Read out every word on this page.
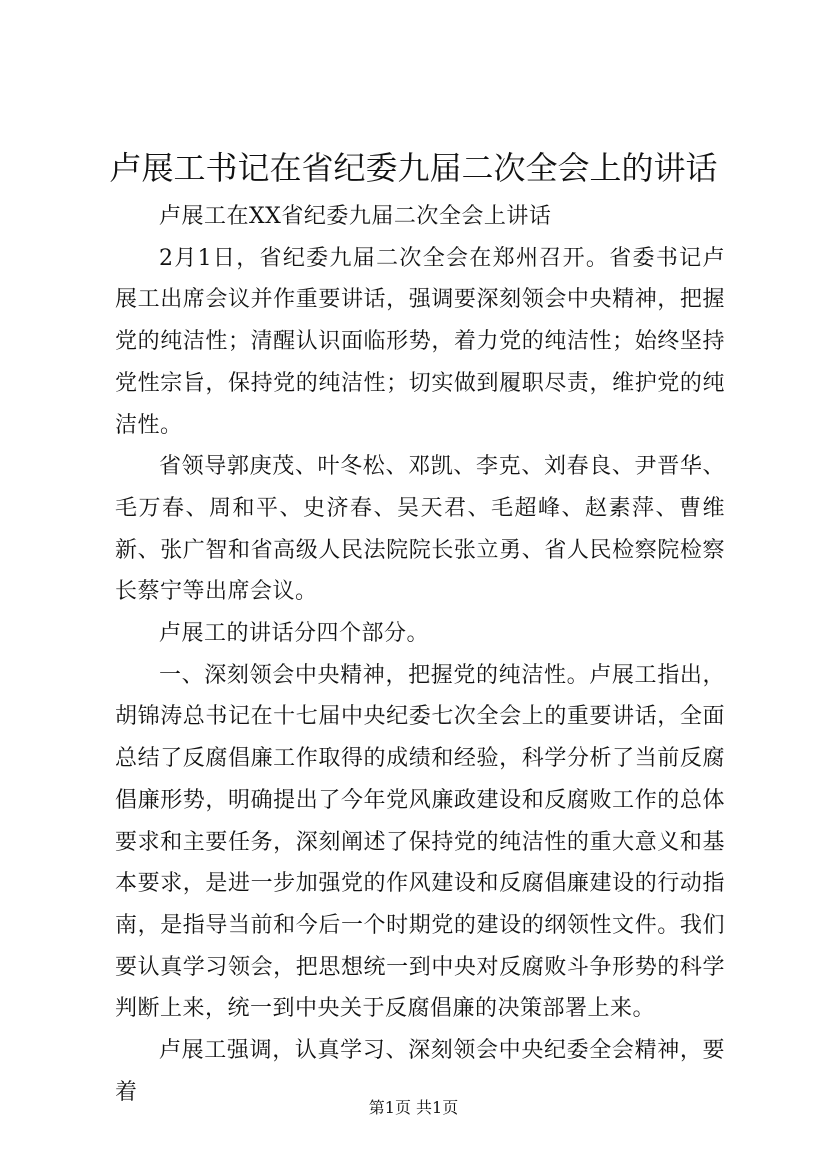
卢展工书记在省纪委九届二次全会上的讲话

卢展工在XX省纪委九届二次全会上讲话

2月1日，省纪委九届二次全会在郑州召开。省委书记卢展工出席会议并作重要讲话，强调要深刻领会中央精神，把握党的纯洁性；清醒认识面临形势，着力党的纯洁性；始终坚持党性宗旨，保持党的纯洁性；切实做到履职尽责，维护党的纯洁性。

省领导郭庚茂、叶冬松、邓凯、李克、刘春良、尹晋华、毛万春、周和平、史济春、吴天君、毛超峰、赵素萍、曹维新、张广智和省高级人民法院院长张立勇、省人民检察院检察长蔡宁等出席会议。

卢展工的讲话分四个部分。

一、深刻领会中央精神，把握党的纯洁性。卢展工指出，胡锦涛总书记在十七届中央纪委七次全会上的重要讲话，全面总结了反腐倡廉工作取得的成绩和经验，科学分析了当前反腐倡廉形势，明确提出了今年党风廉政建设和反腐败工作的总体要求和主要任务，深刻阐述了保持党的纯洁性的重大意义和基本要求，是进一步加强党的作风建设和反腐倡廉建设的行动指南，是指导当前和今后一个时期党的建设的纲领性文件。我们要认真学习领会，把思想统一到中央对反腐败斗争形势的科学判断上来，统一到中央关于反腐倡廉的决策部署上来。

卢展工强调，认真学习、深刻领会中央纪委全会精神，要着

第1页 共1页
